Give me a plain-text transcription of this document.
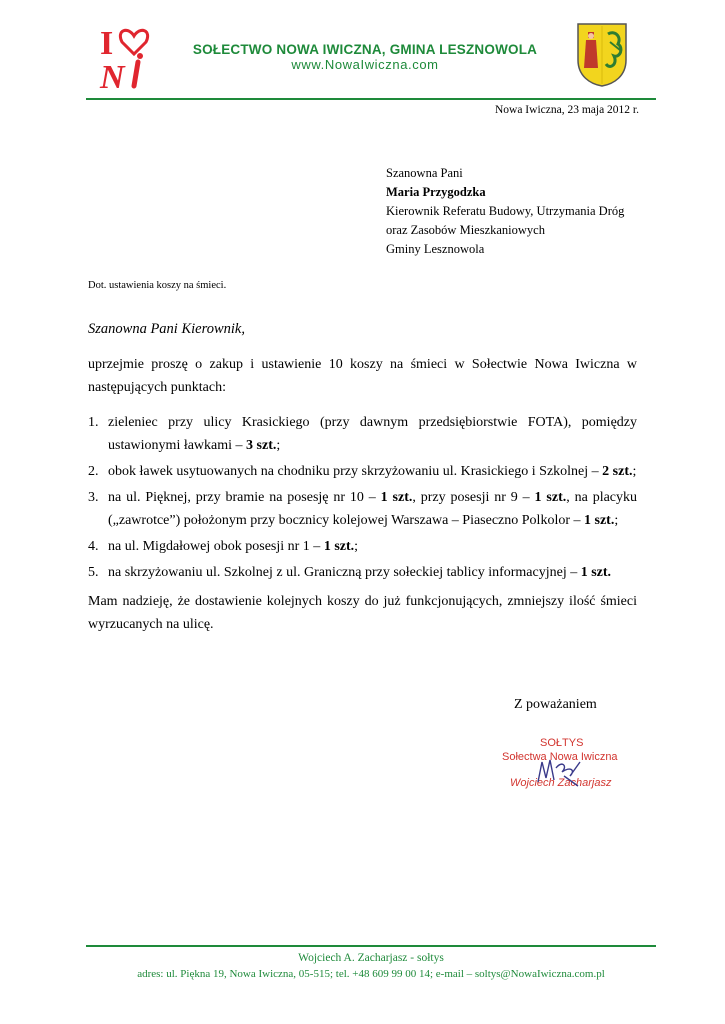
I
N
SOŁECTWO NOWA IWICZNA, GMINA LESZNOWOLA
www.NowaIwiczna.com
Nowa Iwiczna, 23 maja 2012 r.
Szanowna Pani
Maria Przygodzka
Kierownik Referatu Budowy, Utrzymania Dróg
oraz Zasobów Mieszkaniowych
Gminy Lesznowola
Dot. ustawienia koszy na śmieci.
Szanowna Pani Kierownik,
uprzejmie proszę o zakup i ustawienie 10 koszy na śmieci w Sołectwie Nowa Iwiczna w następujących punktach:
1. zieleniec przy ulicy Krasickiego (przy dawnym przedsiębiorstwie FOTA), pomiędzy ustawionymi ławkami – 3 szt.;
2. obok ławek usytuowanych na chodniku przy skrzyżowaniu ul. Krasickiego i Szkolnej – 2 szt.;
3. na ul. Pięknej, przy bramie na posesję nr 10 – 1 szt., przy posesji nr 9 – 1 szt., na placyku („zawrotce”) położonym przy bocznicy kolejowej Warszawa – Piaseczno Polkolor – 1 szt.;
4. na ul. Migdałowej obok posesji nr 1 – 1 szt.;
5. na skrzyżowaniu ul. Szkolnej z ul. Graniczną przy sołeckiej tablicy informacyjnej – 1 szt.
Mam nadzieję, że dostawienie kolejnych koszy do już funkcjonujących, zmniejszy ilość śmieci wyrzucanych na ulicę.
Z poważaniem
SOŁTYS
Sołectwa Nowa Iwiczna
Wojciech Zacharjasz
Wojciech A. Zacharjasz - sołtys
adres: ul. Piękna 19, Nowa Iwiczna, 05-515; tel. +48 609 99 00 14; e-mail – soltys@NowaIwiczna.com.pl
